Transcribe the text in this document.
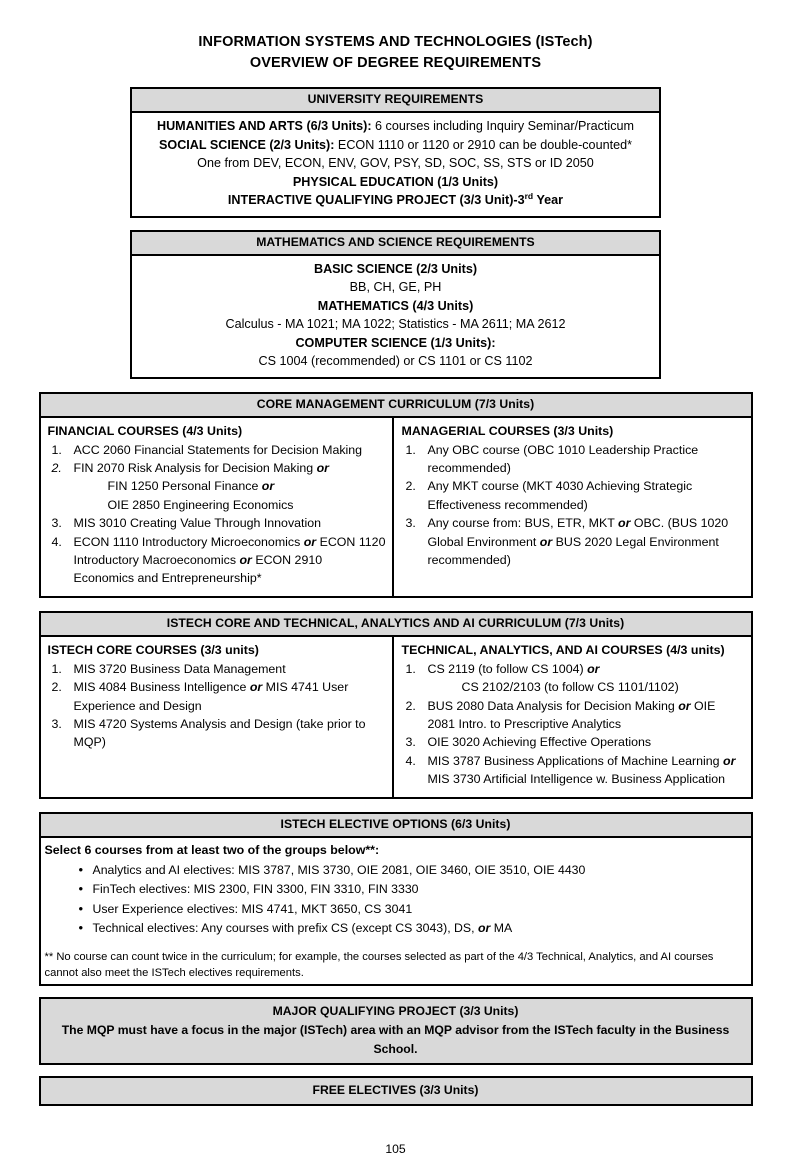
INFORMATION SYSTEMS AND TECHNOLOGIES (ISTech)
OVERVIEW OF DEGREE REQUIREMENTS
UNIVERSITY REQUIREMENTS
HUMANITIES AND ARTS (6/3 Units): 6 courses including Inquiry Seminar/Practicum
SOCIAL SCIENCE (2/3 Units): ECON 1110 or 1120 or 2910 can be double-counted*
One from DEV, ECON, ENV, GOV, PSY, SD, SOC, SS, STS or ID 2050
PHYSICAL EDUCATION (1/3 Units)
INTERACTIVE QUALIFYING PROJECT (3/3 Unit)-3rd Year
MATHEMATICS AND SCIENCE REQUIREMENTS
BASIC SCIENCE (2/3 Units)
BB, CH, GE, PH
MATHEMATICS (4/3 Units)
Calculus - MA 1021; MA 1022; Statistics - MA 2611; MA 2612
COMPUTER SCIENCE (1/3 Units):
CS 1004 (recommended) or CS 1101 or CS 1102
CORE MANAGEMENT CURRICULUM (7/3 Units)
FINANCIAL COURSES (4/3 Units)
1. ACC 2060 Financial Statements for Decision Making
2. FIN 2070 Risk Analysis for Decision Making or
FIN 1250 Personal Finance or
OIE 2850 Engineering Economics
3. MIS 3010 Creating Value Through Innovation
4. ECON 1110 Introductory Microeconomics or ECON 1120 Introductory Macroeconomics or ECON 2910 Economics and Entrepreneurship*
MANAGERIAL COURSES (3/3 Units)
1. Any OBC course (OBC 1010 Leadership Practice recommended)
2. Any MKT course (MKT 4030 Achieving Strategic Effectiveness recommended)
3. Any course from: BUS, ETR, MKT or OBC. (BUS 1020 Global Environment or BUS 2020 Legal Environment recommended)
ISTECH CORE AND TECHNICAL, ANALYTICS AND AI CURRICULUM (7/3 Units)
ISTECH CORE COURSES (3/3 units)
1. MIS 3720 Business Data Management
2. MIS 4084 Business Intelligence or MIS 4741 User Experience and Design
3. MIS 4720 Systems Analysis and Design (take prior to MQP)
TECHNICAL, ANALYTICS, AND AI COURSES (4/3 units)
1. CS 2119 (to follow CS 1004) or
CS 2102/2103 (to follow CS 1101/1102)
2. BUS 2080 Data Analysis for Decision Making or OIE 2081 Intro. to Prescriptive Analytics
3. OIE 3020 Achieving Effective Operations
4. MIS 3787 Business Applications of Machine Learning or MIS 3730 Artificial Intelligence w. Business Application
ISTECH ELECTIVE OPTIONS (6/3 Units)
Select 6 courses from at least two of the groups below**:
• Analytics and AI electives: MIS 3787, MIS 3730, OIE 2081, OIE 3460, OIE 3510, OIE 4430
• FinTech electives: MIS 2300, FIN 3300, FIN 3310, FIN 3330
• User Experience electives: MIS 4741, MKT 3650, CS 3041
• Technical electives: Any courses with prefix CS (except CS 3043), DS, or MA
** No course can count twice in the curriculum; for example, the courses selected as part of the 4/3 Technical, Analytics, and AI courses cannot also meet the ISTech electives requirements.
MAJOR QUALIFYING PROJECT (3/3 Units)
The MQP must have a focus in the major (ISTech) area with an MQP advisor from the ISTech faculty in the Business School.
FREE ELECTIVES (3/3 Units)
105
